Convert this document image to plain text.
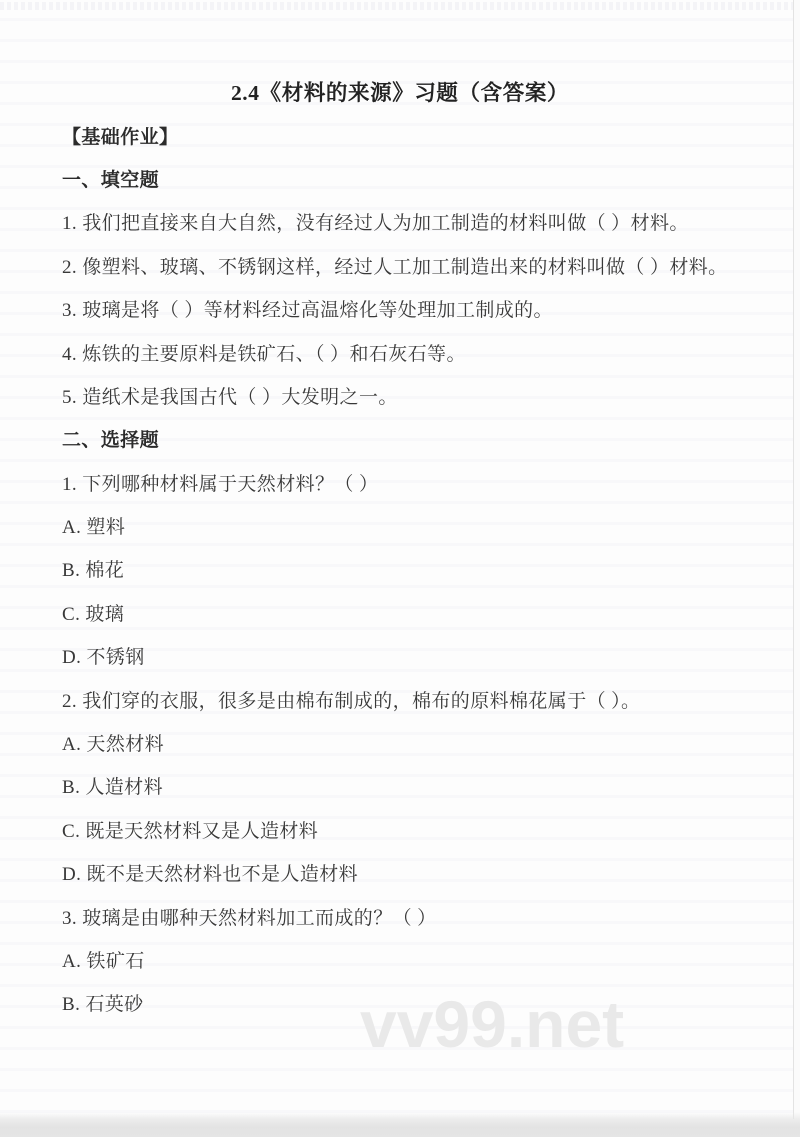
2.4《材料的来源》习题（含答案）
【基础作业】
一、填空题
1. 我们把直接来自大自然，没有经过人为加工制造的材料叫做（ ）材料。
2. 像塑料、玻璃、不锈钢这样，经过人工加工制造出来的材料叫做（ ）材料。
3. 玻璃是将（ ）等材料经过高温熔化等处理加工制成的。
4. 炼铁的主要原料是铁矿石、（ ）和石灰石等。
5. 造纸术是我国古代（ ）大发明之一。
二、选择题
1. 下列哪种材料属于天然材料？（ ）
A. 塑料
B. 棉花
C. 玻璃
D. 不锈钢
2. 我们穿的衣服，很多是由棉布制成的，棉布的原料棉花属于（ ）。
A. 天然材料
B. 人造材料
C. 既是天然材料又是人造材料
D. 既不是天然材料也不是人造材料
3. 玻璃是由哪种天然材料加工而成的？（ ）
A. 铁矿石
B. 石英砂	vv99.net
